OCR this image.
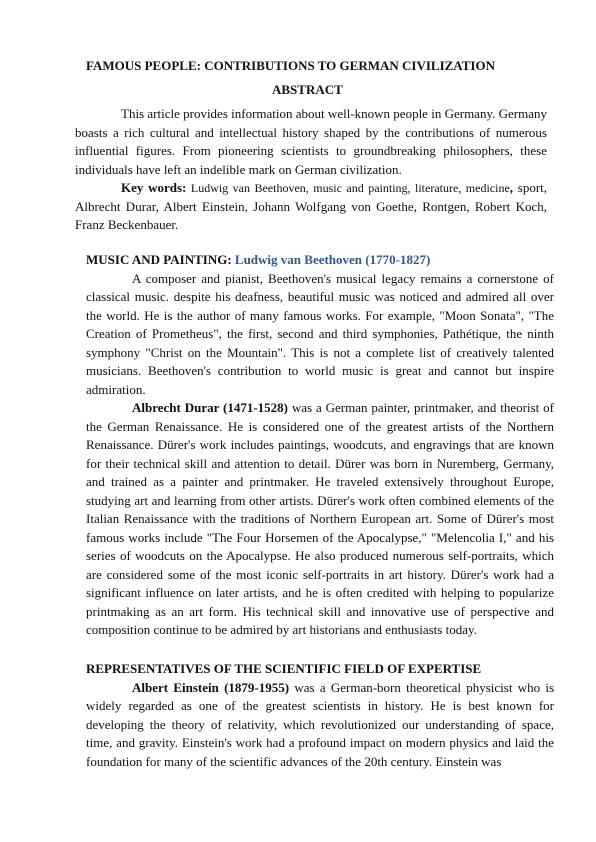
FAMOUS PEOPLE: CONTRIBUTIONS TO GERMAN CIVILIZATION
ABSTRACT

This article provides information about well-known people in Germany. Germany boasts a rich cultural and intellectual history shaped by the contributions of numerous influential figures. From pioneering scientists to groundbreaking philosophers, these individuals have left an indelible mark on German civilization.

Key words: Ludwig van Beethoven, music and painting, literature, medicine, sport, Albrecht Durar, Albert Einstein, Johann Wolfgang von Goethe, Rontgen, Robert Koch, Franz Beckenbauer.

MUSIC AND PAINTING: Ludwig van Beethoven (1770-1827)

A composer and pianist, Beethoven's musical legacy remains a cornerstone of classical music. despite his deafness, beautiful music was noticed and admired all over the world. He is the author of many famous works. For example, "Moon Sonata", "The Creation of Prometheus", the first, second and third symphonies, Pathétique, the ninth symphony "Christ on the Mountain". This is not a complete list of creatively talented musicians. Beethoven's contribution to world music is great and cannot but inspire admiration.

Albrecht Durar (1471-1528) was a German painter, printmaker, and theorist of the German Renaissance. He is considered one of the greatest artists of the Northern Renaissance. Dürer's work includes paintings, woodcuts, and engravings that are known for their technical skill and attention to detail. Dürer was born in Nuremberg, Germany, and trained as a painter and printmaker. He traveled extensively throughout Europe, studying art and learning from other artists. Dürer's work often combined elements of the Italian Renaissance with the traditions of Northern European art. Some of Dürer's most famous works include "The Four Horsemen of the Apocalypse," "Melencolia I," and his series of woodcuts on the Apocalypse. He also produced numerous self-portraits, which are considered some of the most iconic self-portraits in art history. Dürer's work had a significant influence on later artists, and he is often credited with helping to popularize printmaking as an art form. His technical skill and innovative use of perspective and composition continue to be admired by art historians and enthusiasts today.

REPRESENTATIVES OF THE SCIENTIFIC FIELD OF EXPERTISE

Albert Einstein (1879-1955) was a German-born theoretical physicist who is widely regarded as one of the greatest scientists in history. He is best known for developing the theory of relativity, which revolutionized our understanding of space, time, and gravity. Einstein's work had a profound impact on modern physics and laid the foundation for many of the scientific advances of the 20th century. Einstein was
